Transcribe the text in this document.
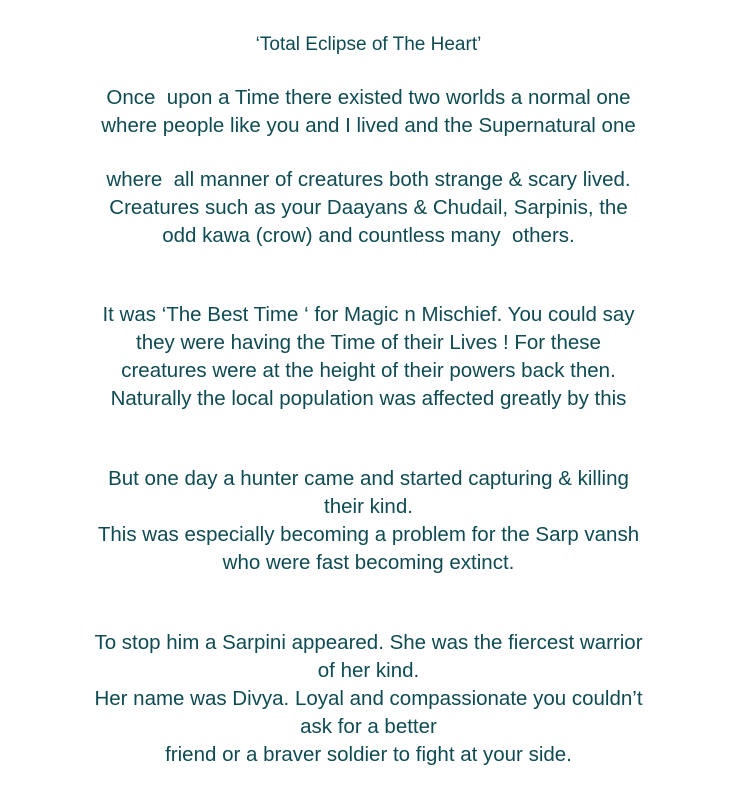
‘Total Eclipse of The Heart’
Once  upon a Time there existed two worlds a normal one
where people like you and I lived and the Supernatural one
where  all manner of creatures both strange & scary lived.
Creatures such as your Daayans & Chudail, Sarpinis, the
odd kawa (crow) and countless many  others.
It was ‘The Best Time ‘ for Magic n Mischief. You could say
they were having the Time of their Lives ! For these
creatures were at the height of their powers back then.
Naturally the local population was affected greatly by this
But one day a hunter came and started capturing & killing
their kind.
This was especially becoming a problem for the Sarp vansh
who were fast becoming extinct.
To stop him a Sarpini appeared. She was the fiercest warrior
of her kind.
Her name was Divya. Loyal and compassionate you couldn’t
ask for a better
friend or a braver soldier to fight at your side.
